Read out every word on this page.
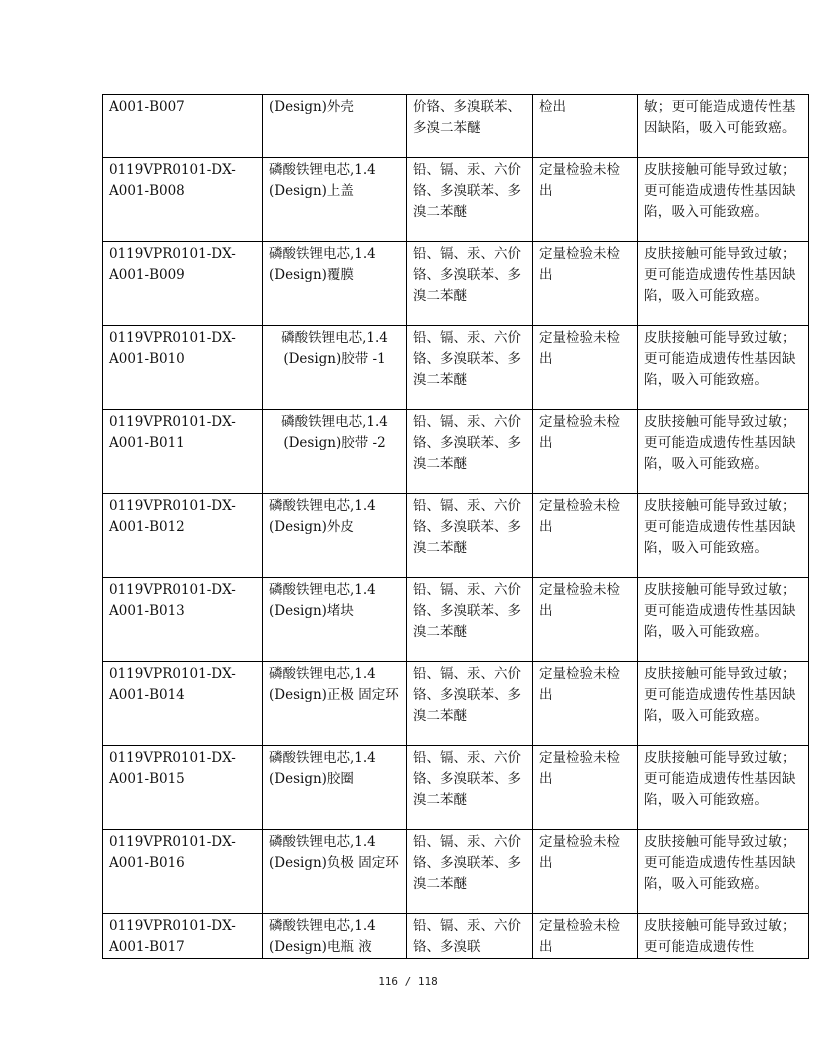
A001-B007	(Design)外壳	价铬、多溴联苯、多溴二苯醚	检出	敏；更可能造成遗传性基因缺陷，吸入可能致癌。
0119VPR0101-DX-A001-B008	磷酸铁锂电芯,1.4 (Design)上盖	铅、镉、汞、六价铬、多溴联苯、多溴二苯醚	定量检验未检出	皮肤接触可能导致过敏；更可能造成遗传性基因缺陷，吸入可能致癌。
0119VPR0101-DX-A001-B009	磷酸铁锂电芯,1.4 (Design)覆膜	铅、镉、汞、六价铬、多溴联苯、多溴二苯醚	定量检验未检出	皮肤接触可能导致过敏；更可能造成遗传性基因缺陷，吸入可能致癌。
0119VPR0101-DX-A001-B010	磷酸铁锂电芯,1.4 (Design)胶带 -1	铅、镉、汞、六价铬、多溴联苯、多溴二苯醚	定量检验未检出	皮肤接触可能导致过敏；更可能造成遗传性基因缺陷，吸入可能致癌。
0119VPR0101-DX-A001-B011	磷酸铁锂电芯,1.4 (Design)胶带 -2	铅、镉、汞、六价铬、多溴联苯、多溴二苯醚	定量检验未检出	皮肤接触可能导致过敏；更可能造成遗传性基因缺陷，吸入可能致癌。
0119VPR0101-DX-A001-B012	磷酸铁锂电芯,1.4 (Design)外皮	铅、镉、汞、六价铬、多溴联苯、多溴二苯醚	定量检验未检出	皮肤接触可能导致过敏；更可能造成遗传性基因缺陷，吸入可能致癌。
0119VPR0101-DX-A001-B013	磷酸铁锂电芯,1.4 (Design)堵块	铅、镉、汞、六价铬、多溴联苯、多溴二苯醚	定量检验未检出	皮肤接触可能导致过敏；更可能造成遗传性基因缺陷，吸入可能致癌。
0119VPR0101-DX-A001-B014	磷酸铁锂电芯,1.4 (Design)正极 固定环	铅、镉、汞、六价铬、多溴联苯、多溴二苯醚	定量检验未检出	皮肤接触可能导致过敏；更可能造成遗传性基因缺陷，吸入可能致癌。
0119VPR0101-DX-A001-B015	磷酸铁锂电芯,1.4 (Design)胶圈	铅、镉、汞、六价铬、多溴联苯、多溴二苯醚	定量检验未检出	皮肤接触可能导致过敏；更可能造成遗传性基因缺陷，吸入可能致癌。
0119VPR0101-DX-A001-B016	磷酸铁锂电芯,1.4 (Design)负极 固定环	铅、镉、汞、六价铬、多溴联苯、多溴二苯醚	定量检验未检出	皮肤接触可能导致过敏；更可能造成遗传性基因缺陷，吸入可能致癌。
0119VPR0101-DX-A001-B017	磷酸铁锂电芯,1.4 (Design)电瓶 液	铅、镉、汞、六价铬、多溴联	定量检验未检出	皮肤接触可能导致过敏；更可能造成遗传性
116 / 118
